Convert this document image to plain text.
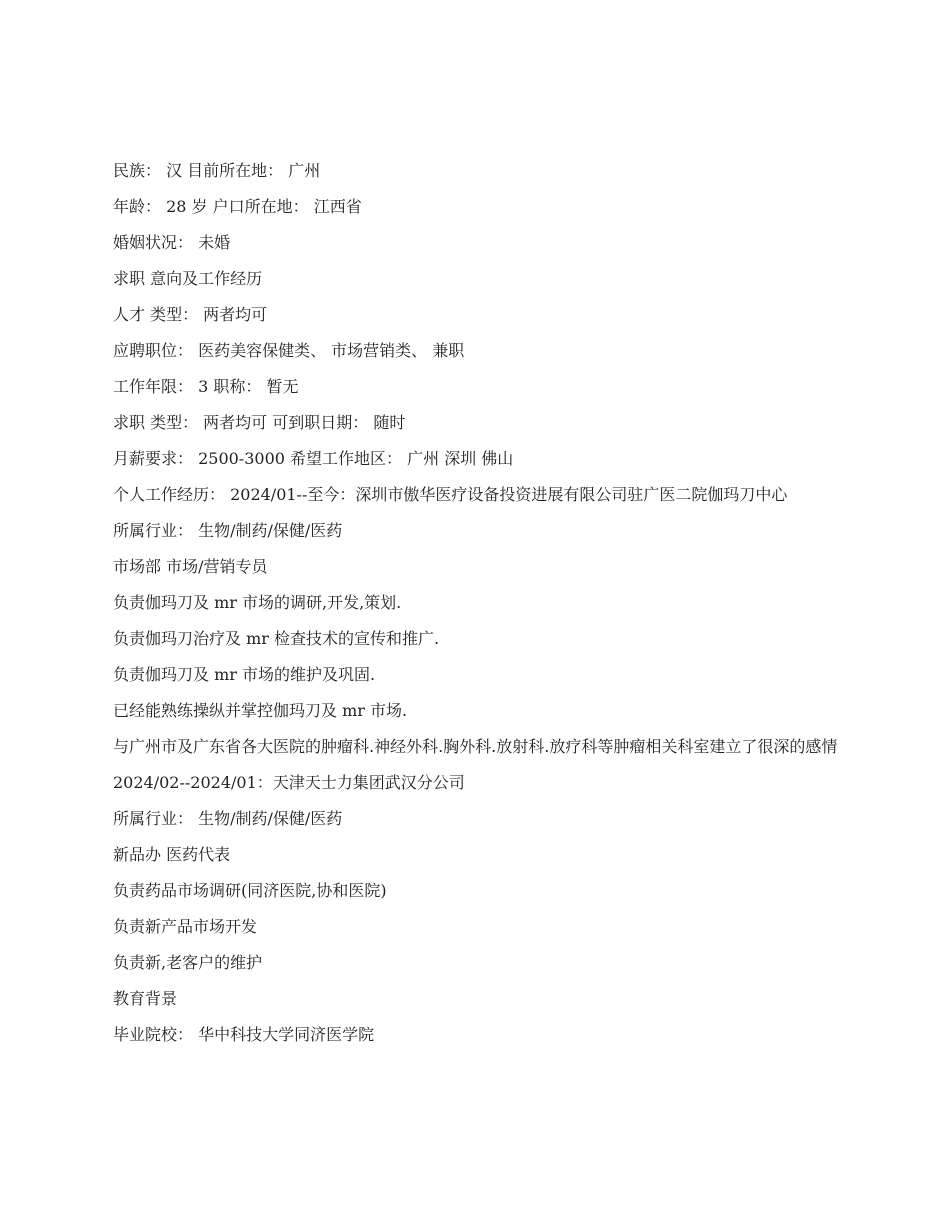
民族： 汉 目前所在地： 广州

年龄： 28 岁 户口所在地： 江西省

婚姻状况： 未婚

求职 意向及工作经历

人才 类型： 两者均可

应聘职位： 医药美容保健类、 市场营销类、 兼职

工作年限： 3 职称： 暂无

求职 类型： 两者均可 可到职日期： 随时

月薪要求： 2500-3000 希望工作地区： 广州 深圳 佛山

个人工作经历： 2024/01--至今：深圳市傲华医疗设备投资进展有限公司驻广医二院伽玛刀中心

所属行业： 生物/制药/保健/医药

市场部 市场/营销专员

负责伽玛刀及 mr 市场的调研,开发,策划.

负责伽玛刀治疗及 mr 检查技术的宣传和推广.

负责伽玛刀及 mr 市场的维护及巩固.

已经能熟练操纵并掌控伽玛刀及 mr 市场.

与广州市及广东省各大医院的肿瘤科.神经外科.胸外科.放射科.放疗科等肿瘤相关科室建立了很深的感情

2024/02--2024/01：天津天士力集团武汉分公司

所属行业： 生物/制药/保健/医药

新品办 医药代表

负责药品市场调研(同济医院,协和医院)

负责新产品市场开发

负责新,老客户的维护

教育背景

毕业院校： 华中科技大学同济医学院
